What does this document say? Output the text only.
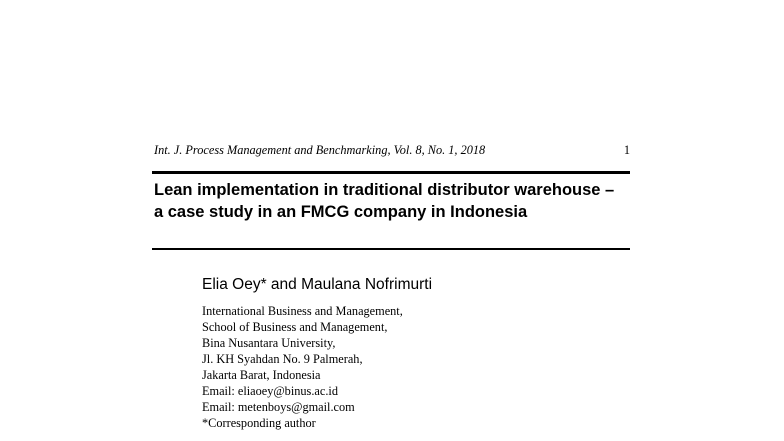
Int. J. Process Management and Benchmarking, Vol. 8, No. 1, 2018	1
Lean implementation in traditional distributor warehouse – a case study in an FMCG company in Indonesia

Elia Oey* and Maulana Nofrimurti

International Business and Management,
School of Business and Management,
Bina Nusantara University,
Jl. KH Syahdan No. 9 Palmerah,
Jakarta Barat, Indonesia
Email: eliaoey@binus.ac.id
Email: metenboys@gmail.com
*Corresponding author
